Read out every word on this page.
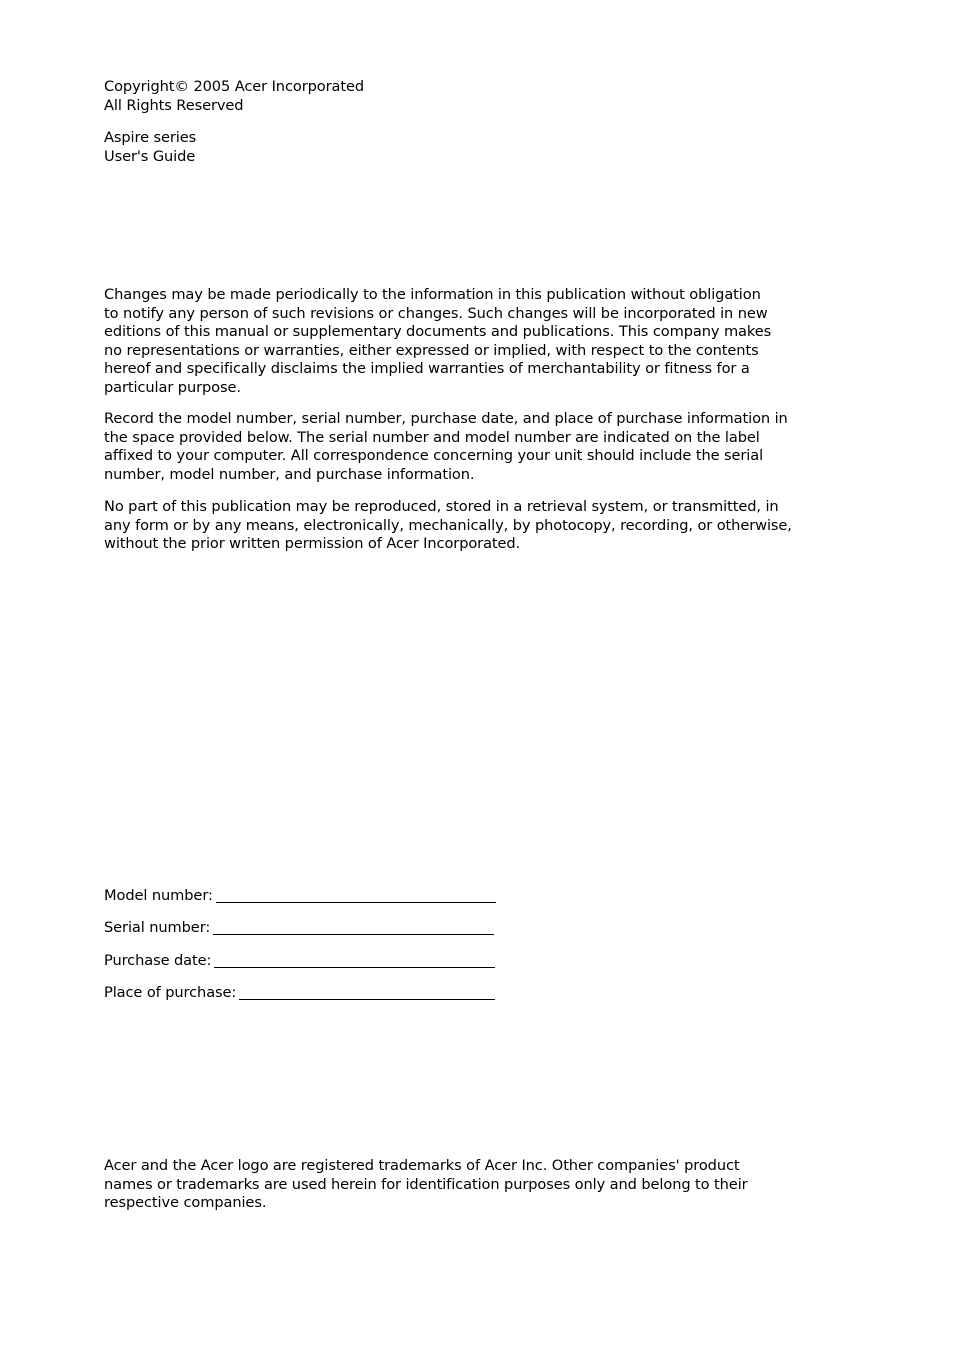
Copyright© 2005 Acer Incorporated
All Rights Reserved
Aspire series
User's Guide
Changes may be made periodically to the information in this publication without obligation
to notify any person of such revisions or changes. Such changes will be incorporated in new
editions of this manual or supplementary documents and publications. This company makes
no representations or warranties, either expressed or implied, with respect to the contents
hereof and specifically disclaims the implied warranties of merchantability or fitness for a
particular purpose.
Record the model number, serial number, purchase date, and place of purchase information in
the space provided below. The serial number and model number are indicated on the label
affixed to your computer. All correspondence concerning your unit should include the serial
number, model number, and purchase information.
No part of this publication may be reproduced, stored in a retrieval system, or transmitted, in
any form or by any means, electronically, mechanically, by photocopy, recording, or otherwise,
without the prior written permission of Acer Incorporated.
Model number:
Serial number:
Purchase date:
Place of purchase:
Acer and the Acer logo are registered trademarks of Acer Inc. Other companies' product
names or trademarks are used herein for identification purposes only and belong to their
respective companies.
